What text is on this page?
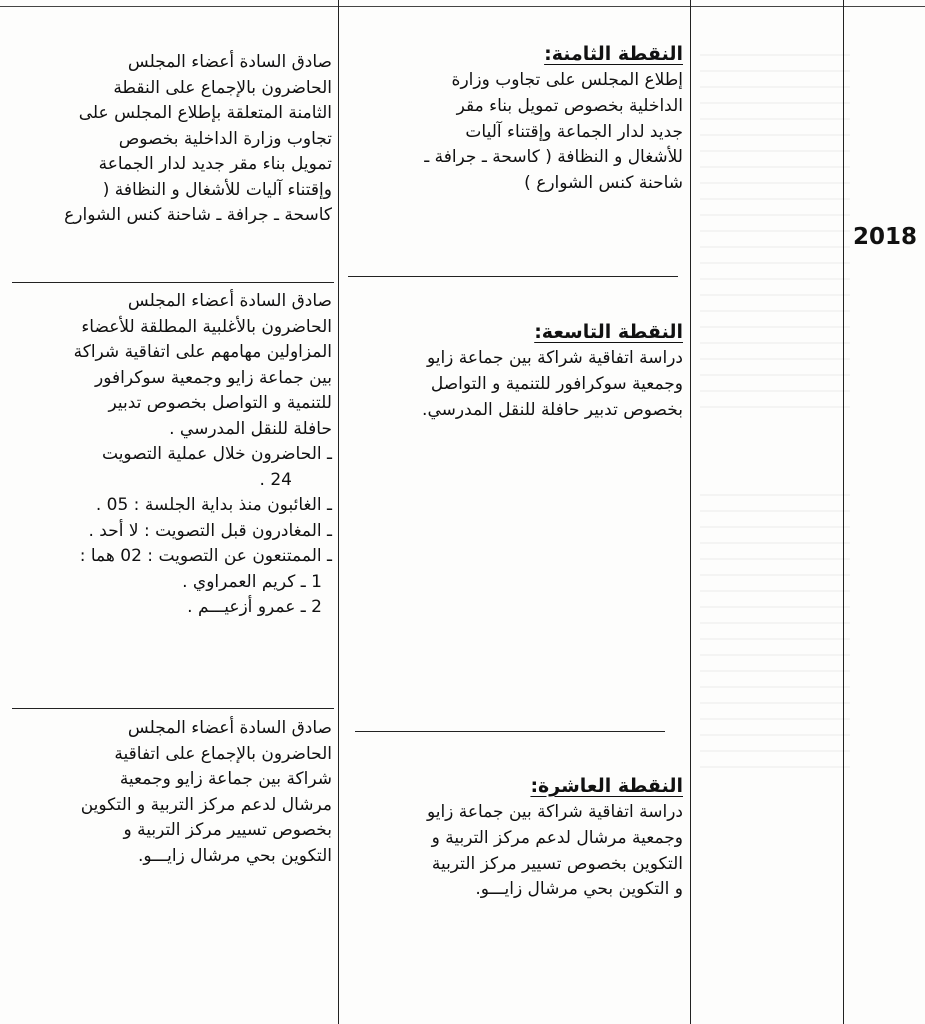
2018
النقطة الثامنة:
إطلاع المجلس على تجاوب وزارة
الداخلية بخصوص تمويل بناء مقر
جديد لدار الجماعة وإقتناء آليات
للأشغال و النظافة ( كاسحة ـ جرافة ـ
شاحنة كنس الشوارع )
النقطة التاسعة:
دراسة اتفاقية شراكة بين جماعة زايو
وجمعية سوكرافور للتنمية و التواصل
بخصوص تدبير حافلة للنقل المدرسي.
النقطة العاشرة:
دراسة اتفاقية شراكة بين جماعة زايو
وجمعية مرشال لدعم مركز التربية و
التكوين بخصوص تسيير مركز التربية
و التكوين بحي مرشال زايـــو.
صادق السادة أعضاء المجلس
الحاضرون بالإجماع على النقطة
الثامنة المتعلقة بإطلاع المجلس على
تجاوب وزارة الداخلية بخصوص
تمويل بناء مقر جديد لدار الجماعة
وإقتناء آليات للأشغال و النظافة (
كاسحة ـ جرافة ـ شاحنة كنس الشوارع
صادق السادة أعضاء المجلس
الحاضرون بالأغلبية المطلقة للأعضاء
المزاولين مهامهم على اتفاقية شراكة
بين جماعة زايو وجمعية سوكرافور
للتنمية و التواصل بخصوص تدبير
حافلة للنقل المدرسي .
ـ الحاضرون خلال عملية التصويت
24 .
ـ الغائبون منذ بداية الجلسة : 05 .
ـ المغادرون قبل التصويت : لا أحد .
ـ الممتنعون عن التصويت : 02 هما :
1 ـ كريم العمراوي .
2 ـ عمرو أزعيـــم .
صادق السادة أعضاء المجلس
الحاضرون بالإجماع على اتفاقية
شراكة بين جماعة زايو وجمعية
مرشال لدعم مركز التربية و التكوين
بخصوص تسيير مركز التربية و
التكوين بحي مرشال زايـــو.
